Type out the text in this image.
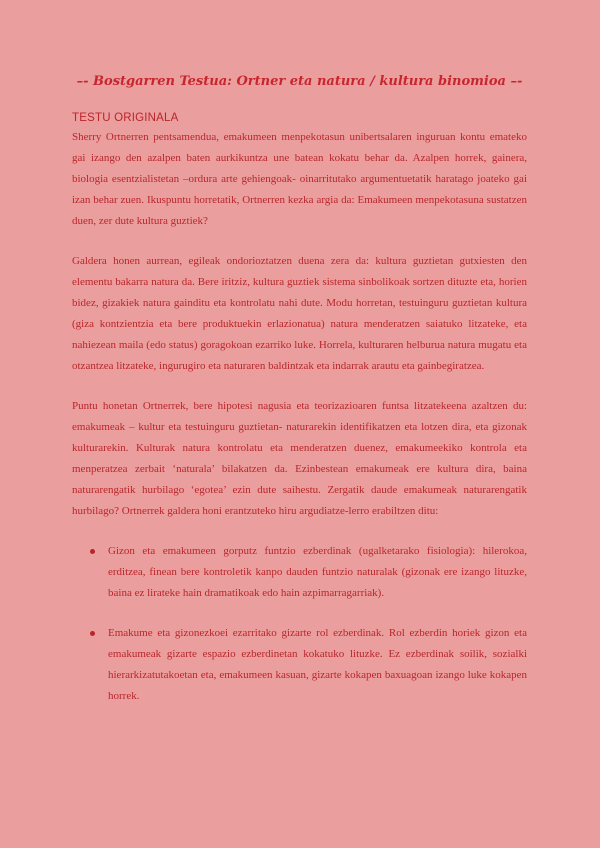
–- Bostgarren Testua: Ortner eta natura / kultura binomioa –-
TESTU ORIGINALA

Sherry Ortnerren pentsamendua, emakumeen menpekotasun unibertsalaren inguruan kontu emateko gai izango den azalpen baten aurkikuntza une batean kokatu behar da. Azalpen horrek, gainera, biologia esentzialistetan –ordura arte gehiengoak- oinarritutako argumentuetatik haratago joateko gai izan behar zuen. Ikuspuntu horretatik, Ortnerren kezka argia da: Emakumeen menpekotasuna sustatzen duen, zer dute kultura guztiek?

Galdera honen aurrean, egileak ondorioztatzen duena zera da: kultura guztietan gutxiesten den elementu bakarra natura da. Bere iritziz, kultura guztiek sistema sinbolikoak sortzen dituzte eta, horien bidez, gizakiek natura gainditu eta kontrolatu nahi dute. Modu horretan, testuinguru guztietan kultura (giza kontzientzia eta bere produktuekin erlazionatua) natura menderatzen saiatuko litzateke, eta nahiezean maila (edo status) goragokoan ezarriko luke. Horrela, kulturaren helburua natura mugatu eta otzantzea litzateke, ingurugiro eta naturaren baldintzak eta indarrak arautu eta gainbegiratzea.

Puntu honetan Ortnerrek, bere hipotesi nagusia eta teorizazioaren funtsa litzatekeena azaltzen du: emakumeak – kultur eta testuinguru guztietan- naturarekin identifikatzen eta lotzen dira, eta gizonak kulturarekin. Kulturak natura kontrolatu eta menderatzen duenez, emakumeekiko kontrola eta menperatzea zerbait ‘naturala’ bilakatzen da. Ezinbestean emakumeak ere kultura dira, baina naturarengatik hurbilago ‘egotea’ ezin dute saihestu. Zergatik daude emakumeak naturarengatik hurbilago? Ortnerrek galdera honi erantzuteko hiru argudiatze-lerro erabiltzen ditu:

Gizon eta emakumeen gorputz funtzio ezberdinak (ugalketarako fisiologia): hilerokoa, erditzea, finean bere kontroletik kanpo dauden funtzio naturalak (gizonak ere izango lituzke, baina ez lirateke hain dramatikoak edo hain azpimarragarriak).
Emakume eta gizonezkoei ezarritako gizarte rol ezberdinak. Rol ezberdin horiek gizon eta emakumeak gizarte espazio ezberdinetan kokatuko lituzke. Ez ezberdinak soilik, sozialki hierarkizatutakoetan eta, emakumeen kasuan, gizarte kokapen baxuagoan izango luke kokapen horrek.
